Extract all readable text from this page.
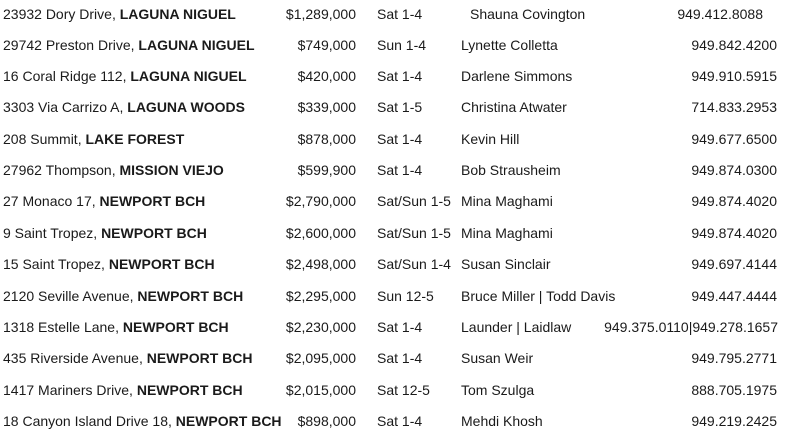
23932 Dory Drive, LAGUNA NIGUEL	$1,289,000 Sat 1-4	Shauna Covington	949.412.8088
29742 Preston Drive, LAGUNA NIGUEL	$749,000 Sun 1-4 Lynette Colletta	949.842.4200
16 Coral Ridge 112, LAGUNA NIGUEL	$420,000 Sat 1-4	Darlene Simmons	949.910.5915
3303 Via Carrizo A, LAGUNA WOODS	$339,000 Sat 1-5	Christina Atwater	714.833.2953
208 Summit, LAKE FOREST	$878,000 Sat 1-4	Kevin Hill	949.677.6500
27962 Thompson, MISSION VIEJO	$599,900 Sat 1-4	Bob Strausheim	949.874.0300
27 Monaco 17, NEWPORT BCH	$2,790,000 Sat/Sun 1-5 Mina Maghami	949.874.4020
9 Saint Tropez, NEWPORT BCH	$2,600,000 Sat/Sun 1-5 Mina Maghami	949.874.4020
15 Saint Tropez, NEWPORT BCH	$2,498,000 Sat/Sun 1-4 Susan Sinclair	949.697.4144
2120 Seville Avenue, NEWPORT BCH	$2,295,000 Sun 12-5 Bruce Miller | Todd Davis	949.447.4444
1318 Estelle Lane, NEWPORT BCH	$2,230,000 Sat 1-4	Launder | Laidlaw 949.375.0110|949.278.1657
435 Riverside Avenue, NEWPORT BCH $2,095,000 Sat 1-4	Susan Weir	949.795.2771
1417 Mariners Drive, NEWPORT BCH	$2,015,000 Sat 12-5 Tom Szulga	888.705.1975
18 Canyon Island Drive 18, NEWPORT BCH $898,000 Sat 1-4	Mehdi Khosh	949.219.2425
